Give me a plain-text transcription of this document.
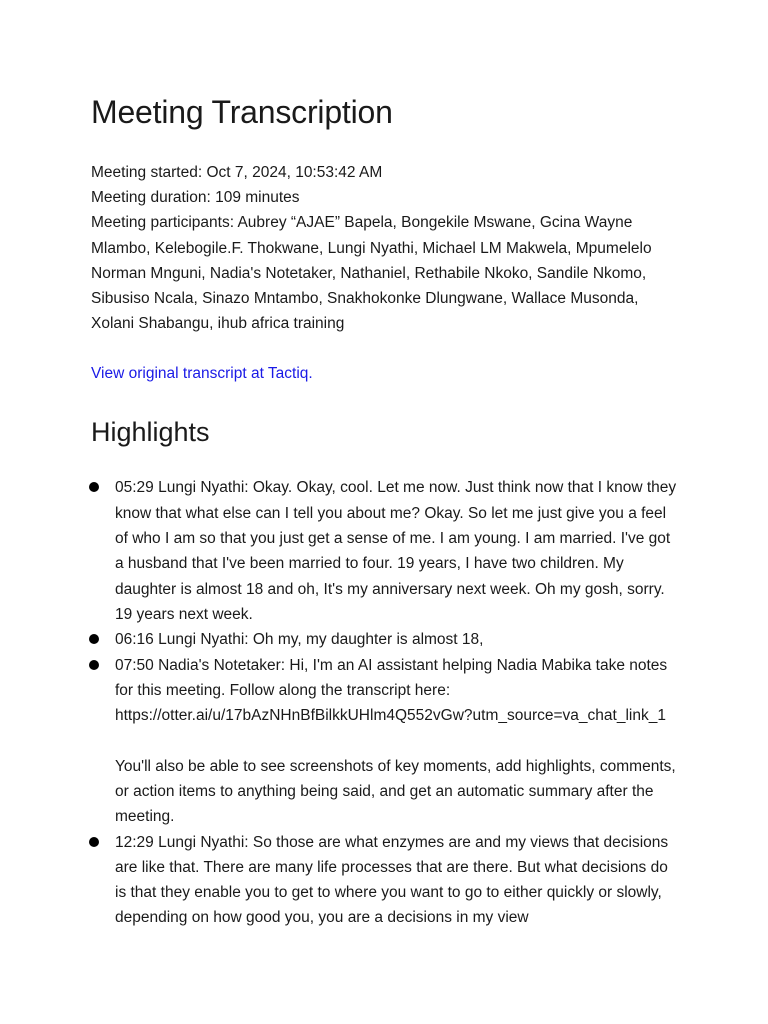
Meeting Transcription
Meeting started: Oct 7, 2024, 10:53:42 AM
Meeting duration: 109 minutes
Meeting participants: Aubrey “AJAE” Bapela, Bongekile Mswane, Gcina Wayne Mlambo, Kelebogile.F. Thokwane, Lungi Nyathi, Michael LM Makwela, Mpumelelo Norman Mnguni, Nadia's Notetaker, Nathaniel, Rethabile Nkoko, Sandile Nkomo, Sibusiso Ncala, Sinazo Mntambo, Snakhokonke Dlungwane, Wallace Musonda, Xolani Shabangu, ihub africa training
View original transcript at Tactiq.
Highlights
05:29 Lungi Nyathi: Okay. Okay, cool. Let me now. Just think now that I know they know that what else can I tell you about me? Okay. So let me just give you a feel of who I am so that you just get a sense of me. I am young. I am married. I've got a husband that I've been married to four. 19 years, I have two children. My daughter is almost 18 and oh, It's my anniversary next week. Oh my gosh, sorry. 19 years next week.
06:16 Lungi Nyathi: Oh my, my daughter is almost 18,
07:50 Nadia's Notetaker: Hi, I'm an AI assistant helping Nadia Mabika take notes for this meeting. Follow along the transcript here: https://otter.ai/u/17bAzNHnBfBilkkUHlm4Q552vGw?utm_source=va_chat_link_1
You'll also be able to see screenshots of key moments, add highlights, comments, or action items to anything being said, and get an automatic summary after the meeting.
12:29 Lungi Nyathi: So those are what enzymes are and my views that decisions are like that. There are many life processes that are there. But what decisions do is that they enable you to get to where you want to go to either quickly or slowly, depending on how good you, you are a decisions in my view
